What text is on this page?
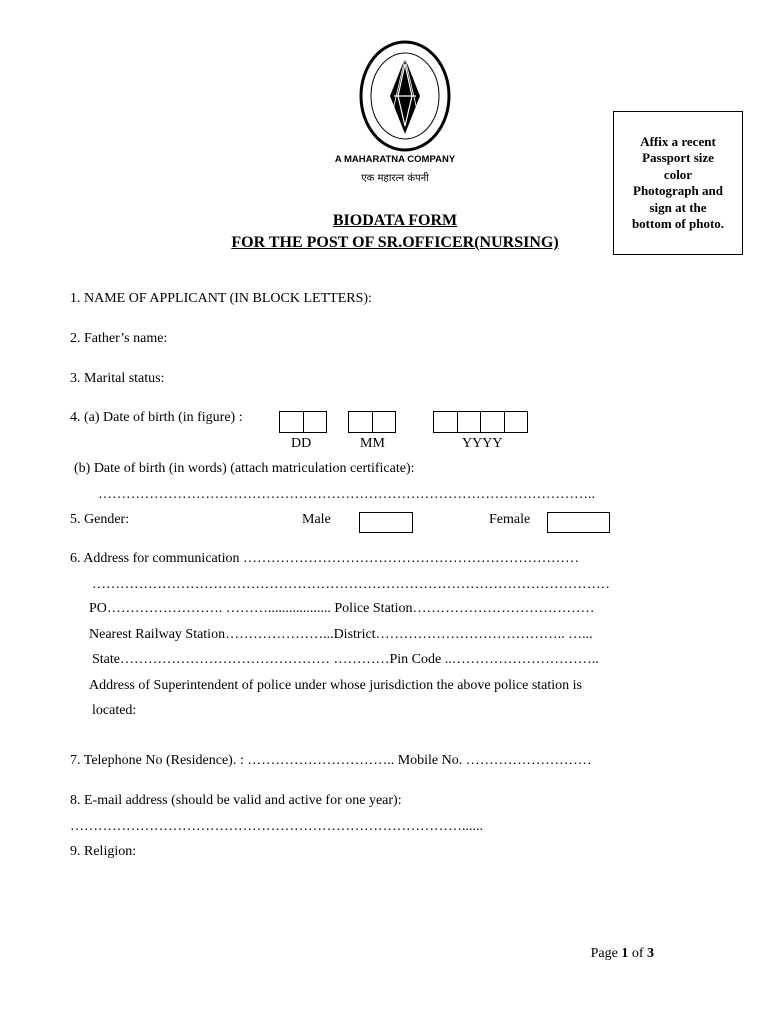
A MAHARATNA COMPANY
एक महारत्न कंपनी
Affix a recent
Passport size
color
Photograph and
sign at the
bottom of photo.
BIODATA FORM
FOR THE POST OF SR.OFFICER(NURSING)
1. NAME OF APPLICANT (IN BLOCK LETTERS):
2. Father’s name:
3. Marital status:
4. (a) Date of birth (in figure) :
DD	MM	YYYY
(b) Date of birth (in words) (attach matriculation certificate):
……………………………………………………………………………………………..
5. Gender:	Male	Female
6. Address for communication ………………………………………………………………
…………………………………………………………………………………………………
PO……………………. ……….................. Police Station…………………………………
Nearest Railway Station…………………...District………………………………….. …...
State……………………………………… …………Pin Code ..…………………………..
Address of Superintendent of police under whose jurisdiction the above police station is
located:
7. Telephone No (Residence). : ………………………….. Mobile No. ………………………
8. E-mail address (should be valid and active for one year):
…………………………………………………………………………......
9. Religion:
Page 1 of 3
